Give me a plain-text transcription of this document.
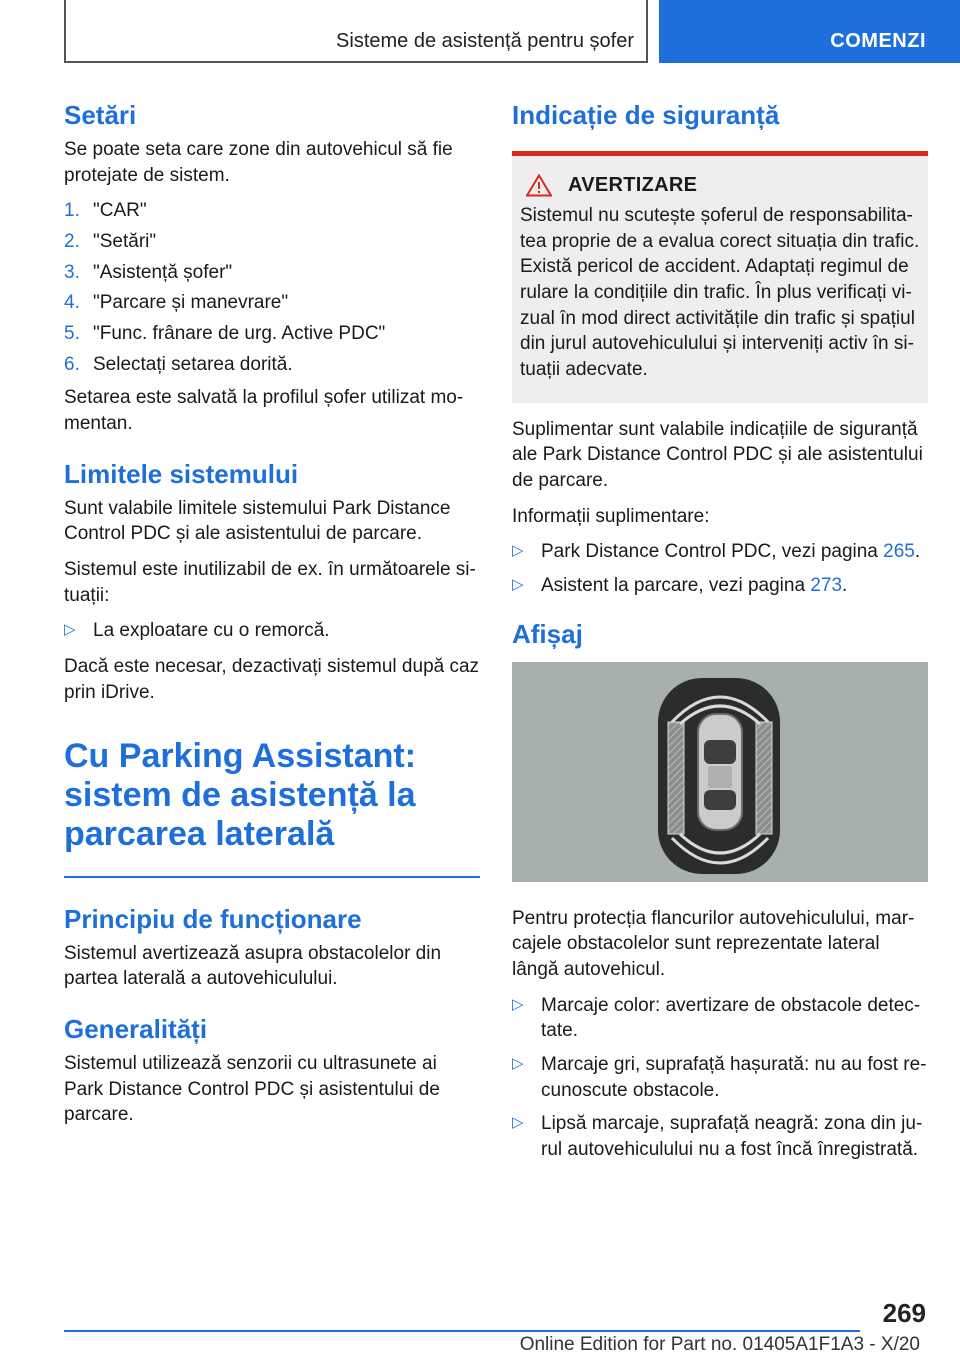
Sisteme de asistență pentru șofer	COMENZI
Setări

Se poate seta care zone din autovehicul să fie protejate de sistem.

1. "CAR"
2. "Setări"
3. "Asistență șofer"
4. "Parcare și manevrare"
5. "Func. frânare de urg. Active PDC"
6. Selectați setarea dorită.

Setarea este salvată la profilul șofer utilizat momentan.

Limitele sistemului

Sunt valabile limitele sistemului Park Distance Control PDC și ale asistentului de parcare.

Sistemul este inutilizabil de ex. în următoarele situații:

▷ La exploatare cu o remorcă.

Dacă este necesar, dezactivați sistemul după caz prin iDrive.

Cu Parking Assistant: sistem de asistență la parcarea laterală
Principiu de funcționare

Sistemul avertizează asupra obstacolelor din partea laterală a autovehiculului.

Generalități

Sistemul utilizează senzorii cu ultrasunete ai Park Distance Control PDC și asistentului de parcare.

Indicație de siguranță
AVERTIZARE

Sistemul nu scutește șoferul de responsabilitatea proprie de a evalua corect situația din trafic. Există pericol de accident. Adaptați regimul de rulare la condițiile din trafic. În plus verificați vizual în mod direct activitățile din trafic și spațiul din jurul autovehiculului și interveniți activ în situații adecvate.

Suplimentar sunt valabile indicațiile de siguranță ale Park Distance Control PDC și ale asistentului de parcare.

Informații suplimentare:

▷ Park Distance Control PDC, vezi pagina 265.
▷ Asistent la parcare, vezi pagina 273.
Afișaj

Pentru protecția flancurilor autovehiculului, marcajele obstacolelor sunt reprezentate lateral lângă autovehicul.

▷ Marcaje color: avertizare de obstacole detectate.
▷ Marcaje gri, suprafață hașurată: nu au fost recunoscute obstacole.
▷ Lipsă marcaje, suprafață neagră: zona din jurul autovehiculului nu a fost încă înregistrată.
269
Online Edition for Part no. 01405A1F1A3 - X/20
